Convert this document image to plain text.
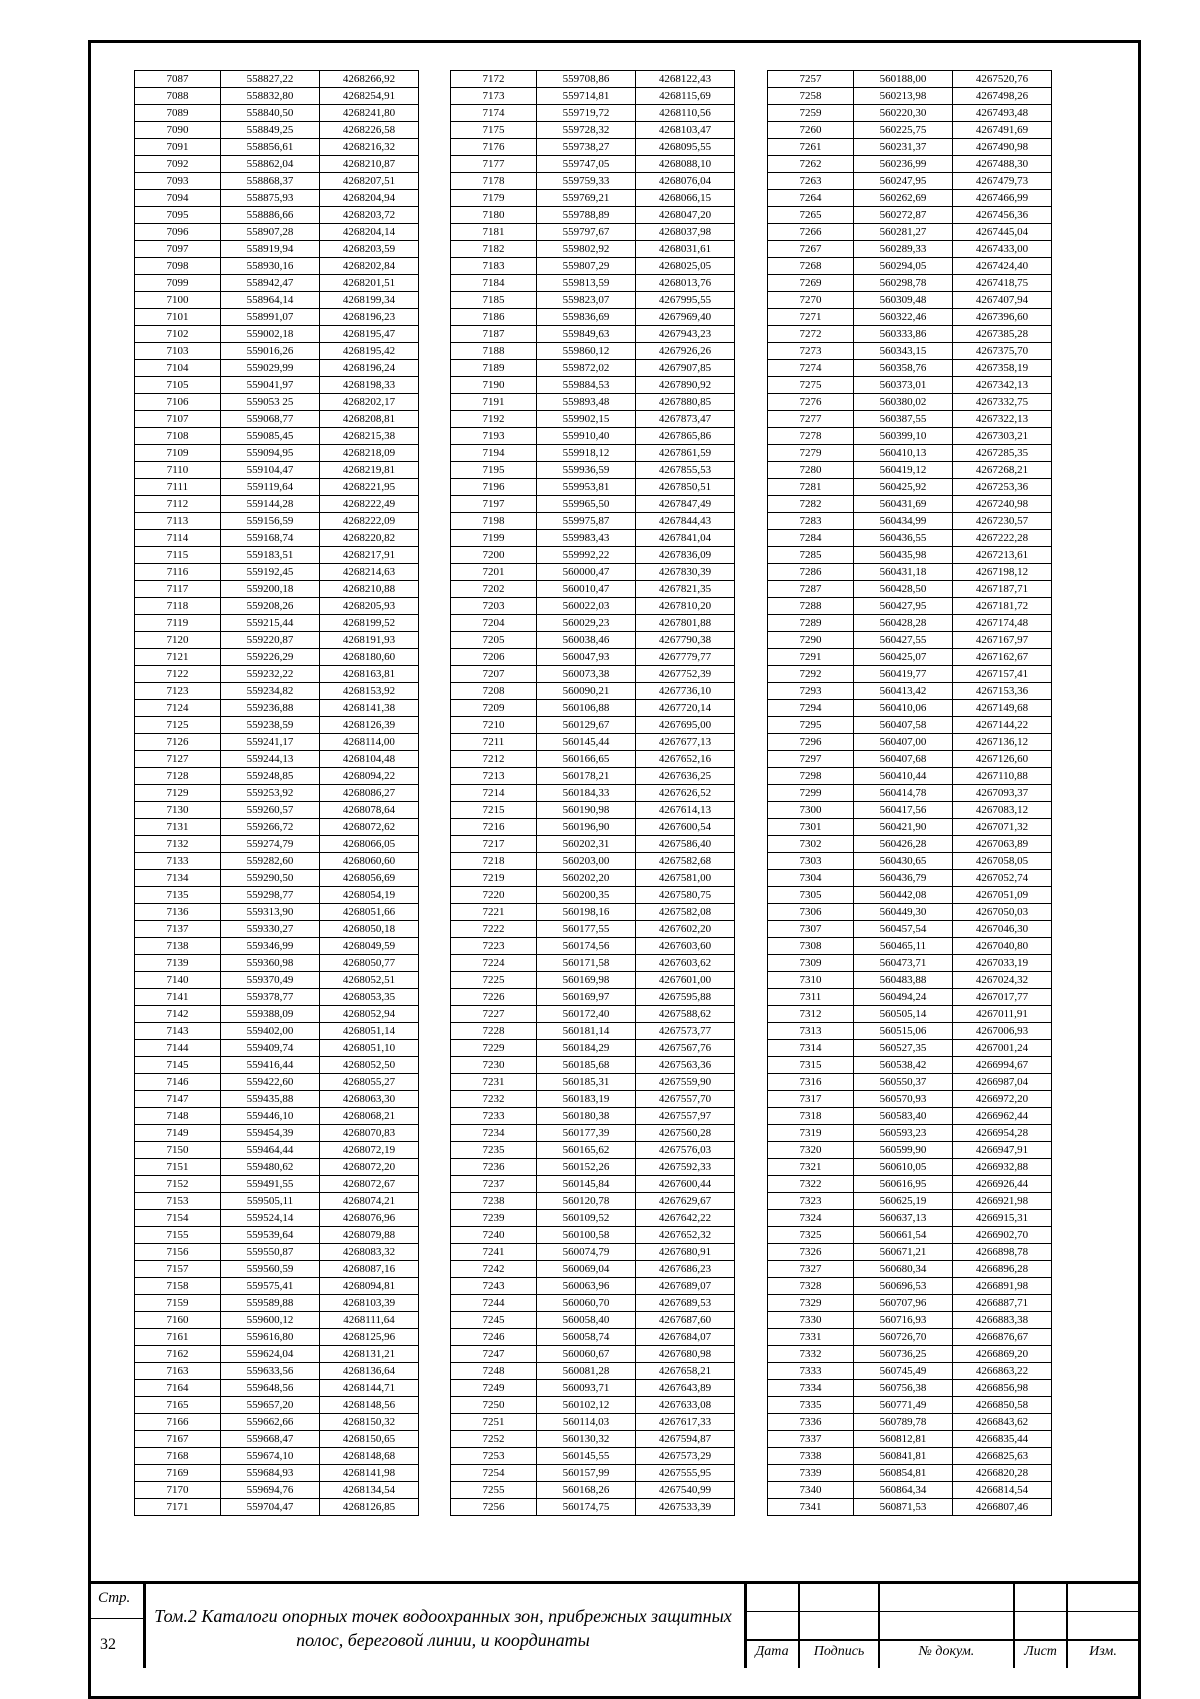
7087	558827,22	4268266,92
7088	558832,80	4268254,91
7089	558840,50	4268241,80
7090	558849,25	4268226,58
7091	558856,61	4268216,32
7092	558862,04	4268210,87
7093	558868,37	4268207,51
7094	558875,93	4268204,94
7095	558886,66	4268203,72
7096	558907,28	4268204,14
7097	558919,94	4268203,59
7098	558930,16	4268202,84
7099	558942,47	4268201,51
7100	558964,14	4268199,34
7101	558991,07	4268196,23
7102	559002,18	4268195,47
7103	559016,26	4268195,42
7104	559029,99	4268196,24
7105	559041,97	4268198,33
7106	559053 25	4268202,17
7107	559068,77	4268208,81
7108	559085,45	4268215,38
7109	559094,95	4268218,09
7110	559104,47	4268219,81
7111	559119,64	4268221,95
7112	559144,28	4268222,49
7113	559156,59	4268222,09
7114	559168,74	4268220,82
7115	559183,51	4268217,91
7116	559192,45	4268214,63
7117	559200,18	4268210,88
7118	559208,26	4268205,93
7119	559215,44	4268199,52
7120	559220,87	4268191,93
7121	559226,29	4268180,60
7122	559232,22	4268163,81
7123	559234,82	4268153,92
7124	559236,88	4268141,38
7125	559238,59	4268126,39
7126	559241,17	4268114,00
7127	559244,13	4268104,48
7128	559248,85	4268094,22
7129	559253,92	4268086,27
7130	559260,57	4268078,64
7131	559266,72	4268072,62
7132	559274,79	4268066,05
7133	559282,60	4268060,60
7134	559290,50	4268056,69
7135	559298,77	4268054,19
7136	559313,90	4268051,66
7137	559330,27	4268050,18
7138	559346,99	4268049,59
7139	559360,98	4268050,77
7140	559370,49	4268052,51
7141	559378,77	4268053,35
7142	559388,09	4268052,94
7143	559402,00	4268051,14
7144	559409,74	4268051,10
7145	559416,44	4268052,50
7146	559422,60	4268055,27
7147	559435,88	4268063,30
7148	559446,10	4268068,21
7149	559454,39	4268070,83
7150	559464,44	4268072,19
7151	559480,62	4268072,20
7152	559491,55	4268072,67
7153	559505,11	4268074,21
7154	559524,14	4268076,96
7155	559539,64	4268079,88
7156	559550,87	4268083,32
7157	559560,59	4268087,16
7158	559575,41	4268094,81
7159	559589,88	4268103,39
7160	559600,12	4268111,64
7161	559616,80	4268125,96
7162	559624,04	4268131,21
7163	559633,56	4268136,64
7164	559648,56	4268144,71
7165	559657,20	4268148,56
7166	559662,66	4268150,32
7167	559668,47	4268150,65
7168	559674,10	4268148,68
7169	559684,93	4268141,98
7170	559694,76	4268134,54
7171	559704,47	4268126,85
7172	559708,86	4268122,43
7173	559714,81	4268115,69
7174	559719,72	4268110,56
7175	559728,32	4268103,47
7176	559738,27	4268095,55
7177	559747,05	4268088,10
7178	559759,33	4268076,04
7179	559769,21	4268066,15
7180	559788,89	4268047,20
7181	559797,67	4268037,98
7182	559802,92	4268031,61
7183	559807,29	4268025,05
7184	559813,59	4268013,76
7185	559823,07	4267995,55
7186	559836,69	4267969,40
7187	559849,63	4267943,23
7188	559860,12	4267926,26
7189	559872,02	4267907,85
7190	559884,53	4267890,92
7191	559893,48	4267880,85
7192	559902,15	4267873,47
7193	559910,40	4267865,86
7194	559918,12	4267861,59
7195	559936,59	4267855,53
7196	559953,81	4267850,51
7197	559965,50	4267847,49
7198	559975,87	4267844,43
7199	559983,43	4267841,04
7200	559992,22	4267836,09
7201	560000,47	4267830,39
7202	560010,47	4267821,35
7203	560022,03	4267810,20
7204	560029,23	4267801,88
7205	560038,46	4267790,38
7206	560047,93	4267779,77
7207	560073,38	4267752,39
7208	560090,21	4267736,10
7209	560106,88	4267720,14
7210	560129,67	4267695,00
7211	560145,44	4267677,13
7212	560166,65	4267652,16
7213	560178,21	4267636,25
7214	560184,33	4267626,52
7215	560190,98	4267614,13
7216	560196,90	4267600,54
7217	560202,31	4267586,40
7218	560203,00	4267582,68
7219	560202,20	4267581,00
7220	560200,35	4267580,75
7221	560198,16	4267582,08
7222	560177,55	4267602,20
7223	560174,56	4267603,60
7224	560171,58	4267603,62
7225	560169,98	4267601,00
7226	560169,97	4267595,88
7227	560172,40	4267588,62
7228	560181,14	4267573,77
7229	560184,29	4267567,76
7230	560185,68	4267563,36
7231	560185,31	4267559,90
7232	560183,19	4267557,70
7233	560180,38	4267557,97
7234	560177,39	4267560,28
7235	560165,62	4267576,03
7236	560152,26	4267592,33
7237	560145,84	4267600,44
7238	560120,78	4267629,67
7239	560109,52	4267642,22
7240	560100,58	4267652,32
7241	560074,79	4267680,91
7242	560069,04	4267686,23
7243	560063,96	4267689,07
7244	560060,70	4267689,53
7245	560058,40	4267687,60
7246	560058,74	4267684,07
7247	560060,67	4267680,98
7248	560081,28	4267658,21
7249	560093,71	4267643,89
7250	560102,12	4267633,08
7251	560114,03	4267617,33
7252	560130,32	4267594,87
7253	560145,55	4267573,29
7254	560157,99	4267555,95
7255	560168,26	4267540,99
7256	560174,75	4267533,39
7257	560188,00	4267520,76
7258	560213,98	4267498,26
7259	560220,30	4267493,48
7260	560225,75	4267491,69
7261	560231,37	4267490,98
7262	560236,99	4267488,30
7263	560247,95	4267479,73
7264	560262,69	4267466,99
7265	560272,87	4267456,36
7266	560281,27	4267445,04
7267	560289,33	4267433,00
7268	560294,05	4267424,40
7269	560298,78	4267418,75
7270	560309,48	4267407,94
7271	560322,46	4267396,60
7272	560333,86	4267385,28
7273	560343,15	4267375,70
7274	560358,76	4267358,19
7275	560373,01	4267342,13
7276	560380,02	4267332,75
7277	560387,55	4267322,13
7278	560399,10	4267303,21
7279	560410,13	4267285,35
7280	560419,12	4267268,21
7281	560425,92	4267253,36
7282	560431,69	4267240,98
7283	560434,99	4267230,57
7284	560436,55	4267222,28
7285	560435,98	4267213,61
7286	560431,18	4267198,12
7287	560428,50	4267187,71
7288	560427,95	4267181,72
7289	560428,28	4267174,48
7290	560427,55	4267167,97
7291	560425,07	4267162,67
7292	560419,77	4267157,41
7293	560413,42	4267153,36
7294	560410,06	4267149,68
7295	560407,58	4267144,22
7296	560407,00	4267136,12
7297	560407,68	4267126,60
7298	560410,44	4267110,88
7299	560414,78	4267093,37
7300	560417,56	4267083,12
7301	560421,90	4267071,32
7302	560426,28	4267063,89
7303	560430,65	4267058,05
7304	560436,79	4267052,74
7305	560442,08	4267051,09
7306	560449,30	4267050,03
7307	560457,54	4267046,30
7308	560465,11	4267040,80
7309	560473,71	4267033,19
7310	560483,88	4267024,32
7311	560494,24	4267017,77
7312	560505,14	4267011,91
7313	560515,06	4267006,93
7314	560527,35	4267001,24
7315	560538,42	4266994,67
7316	560550,37	4266987,04
7317	560570,93	4266972,20
7318	560583,40	4266962,44
7319	560593,23	4266954,28
7320	560599,90	4266947,91
7321	560610,05	4266932,88
7322	560616,95	4266926,44
7323	560625,19	4266921,98
7324	560637,13	4266915,31
7325	560661,54	4266902,70
7326	560671,21	4266898,78
7327	560680,34	4266896,28
7328	560696,53	4266891,98
7329	560707,96	4266887,71
7330	560716,93	4266883,38
7331	560726,70	4266876,67
7332	560736,25	4266869,20
7333	560745,49	4266863,22
7334	560756,38	4266856,98
7335	560771,49	4266850,58
7336	560789,78	4266843,62
7337	560812,81	4266835,44
7338	560841,81	4266825,63
7339	560854,81	4266820,28
7340	560864,34	4266814,54
7341	560871,53	4266807,46
Стр.
32
Том.2 Каталоги опорных точек водоохранных зон, прибрежных защитных полос, береговой линии, и координаты
Дата	Подпись	№ докум.	Лист	Изм.
